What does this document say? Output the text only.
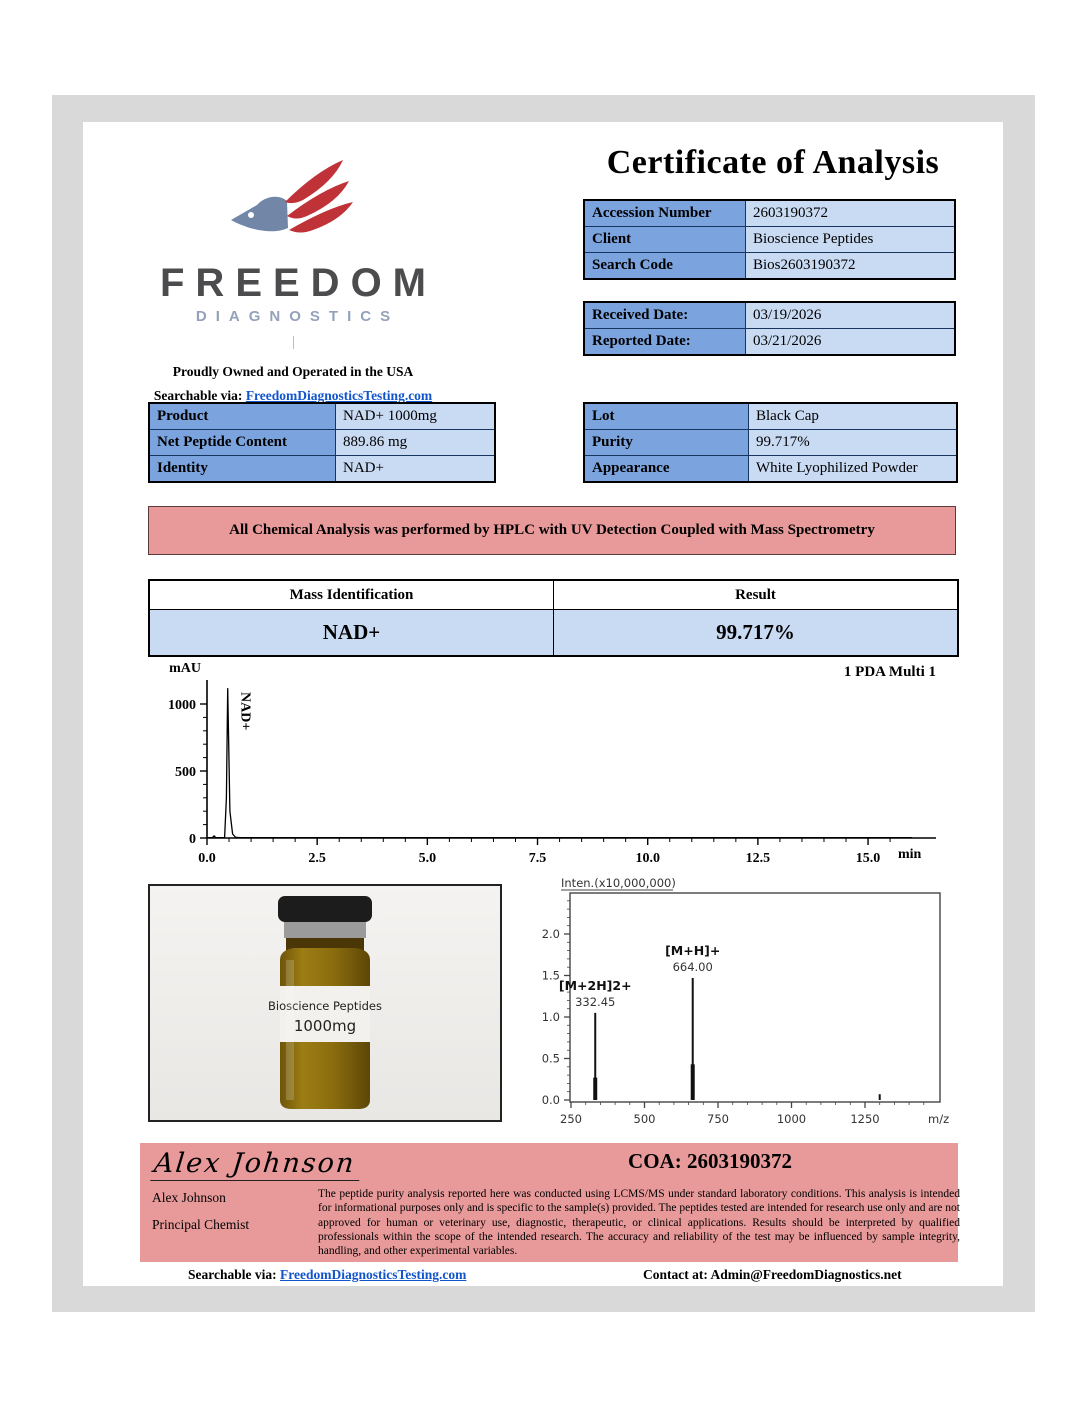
FREEDOM
DIAGNOSTICS
Proudly Owned and Operated in the USA
Searchable via: FreedomDiagnosticsTesting.com
Certificate of Analysis
Accession Number	2603190372
Client	Bioscience Peptides
Search Code	Bios2603190372
Received Date:	03/19/2026
Reported Date:	03/21/2026
Product	NAD+ 1000mg
Net Peptide Content	889.86 mg
Identity	NAD+
Lot	Black Cap
Purity	99.717%
Appearance	White Lyophilized Powder
All Chemical Analysis was performed by HPLC with UV Detection Coupled with Mass Spectrometry
Mass Identification	Result
NAD+	99.717%
0
500
1000
0.0	2.5	5.0	7.5	10.0	12.5	15.0
mAU
min
1 PDA Multi 1
NAD+
Bioscience Peptides
1000mg
Inten.(x10,000,000)
0.0
0.5
1.0
1.5
2.0
250	500	750	1000	1250	m/z
332.45
[M+2H]2+
664.00
[M+H]+
Alex Johnson
Alex Johnson
Principal Chemist
COA: 2603190372
The peptide purity analysis reported here was conducted using LCMS/MS under standard laboratory conditions. This analysis is intended for informational purposes only and is specific to the sample(s) provided. The peptides tested are intended for research use only and are not approved for human or veterinary use, diagnostic, therapeutic, or clinical applications. Results should be interpreted by qualified professionals within the scope of the intended research. The accuracy and reliability of the test may be influenced by sample integrity, handling, and other experimental variables.
Searchable via: FreedomDiagnosticsTesting.com	Contact at: Admin@FreedomDiagnostics.net
